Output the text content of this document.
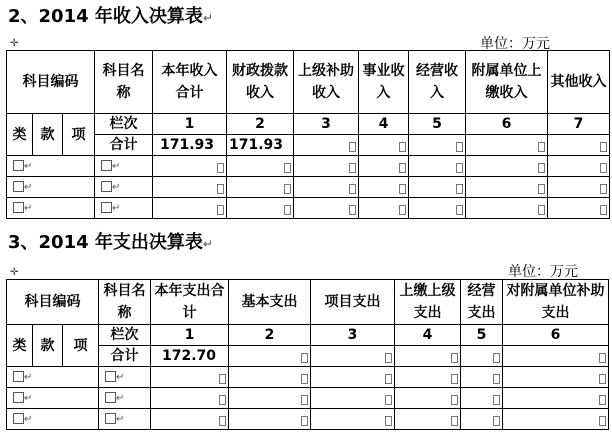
2、2014 年收入决算表↵
✛	单位：万元
科目编码			科目名称	本年收入合计	财政拨款收入	上级补助收入	事业收入	经营收入	附属单位上缴收入	其他收入
类	款	项	栏次	1	2	3	4	5	6	7
			合计	171.93	171.93	

↵			↵	

↵			↵	

↵			↵	

3、2014 年支出决算表↵
✛	单位：万元
科目编码			科目名称	本年支出合计	基本支出	项目支出	上缴上级支出	经营支出	对附属单位补助支出
类	款	项	栏次	1	2	3	4	5	6
			合计	172.70	

↵			↵	

↵			↵	

↵			↵	
